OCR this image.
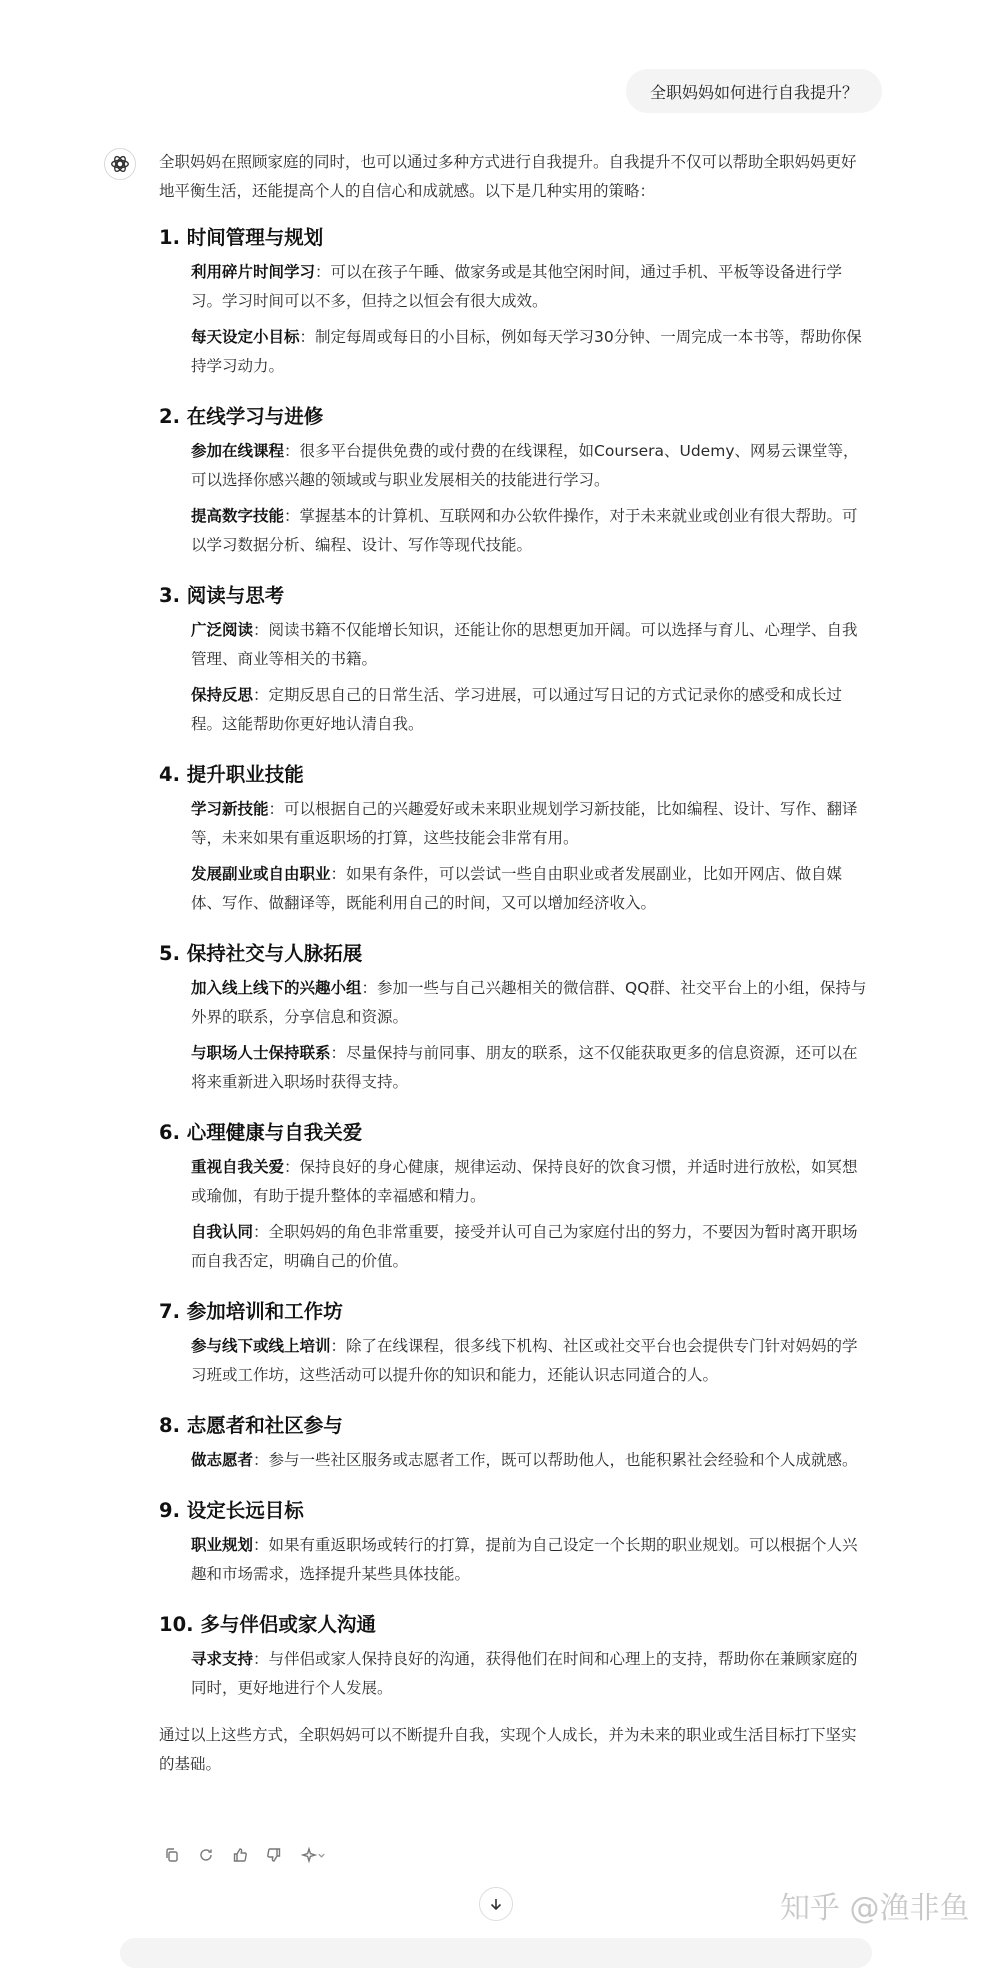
全职妈妈如何进行自我提升？

全职妈妈在照顾家庭的同时，也可以通过多种方式进行自我提升。自我提升不仅可以帮助全职妈妈更好地平衡生活，还能提高个人的自信心和成就感。以下是几种实用的策略：

1. 时间管理与规划
利用碎片时间学习：可以在孩子午睡、做家务或是其他空闲时间，通过手机、平板等设备进行学习。学习时间可以不多，但持之以恒会有很大成效。
每天设定小目标：制定每周或每日的小目标，例如每天学习30分钟、一周完成一本书等，帮助你保持学习动力。
2. 在线学习与进修
参加在线课程：很多平台提供免费的或付费的在线课程，如Coursera、Udemy、网易云课堂等，可以选择你感兴趣的领域或与职业发展相关的技能进行学习。
提高数字技能：掌握基本的计算机、互联网和办公软件操作，对于未来就业或创业有很大帮助。可以学习数据分析、编程、设计、写作等现代技能。
3. 阅读与思考
广泛阅读：阅读书籍不仅能增长知识，还能让你的思想更加开阔。可以选择与育儿、心理学、自我管理、商业等相关的书籍。
保持反思：定期反思自己的日常生活、学习进展，可以通过写日记的方式记录你的感受和成长过程。这能帮助你更好地认清自我。
4. 提升职业技能
学习新技能：可以根据自己的兴趣爱好或未来职业规划学习新技能，比如编程、设计、写作、翻译等，未来如果有重返职场的打算，这些技能会非常有用。
发展副业或自由职业：如果有条件，可以尝试一些自由职业或者发展副业，比如开网店、做自媒体、写作、做翻译等，既能利用自己的时间，又可以增加经济收入。
5. 保持社交与人脉拓展
加入线上线下的兴趣小组：参加一些与自己兴趣相关的微信群、QQ群、社交平台上的小组，保持与外界的联系，分享信息和资源。
与职场人士保持联系：尽量保持与前同事、朋友的联系，这不仅能获取更多的信息资源，还可以在将来重新进入职场时获得支持。
6. 心理健康与自我关爱
重视自我关爱：保持良好的身心健康，规律运动、保持良好的饮食习惯，并适时进行放松，如冥想或瑜伽，有助于提升整体的幸福感和精力。
自我认同：全职妈妈的角色非常重要，接受并认可自己为家庭付出的努力，不要因为暂时离开职场而自我否定，明确自己的价值。
7. 参加培训和工作坊
参与线下或线上培训：除了在线课程，很多线下机构、社区或社交平台也会提供专门针对妈妈的学习班或工作坊，这些活动可以提升你的知识和能力，还能认识志同道合的人。
8. 志愿者和社区参与
做志愿者：参与一些社区服务或志愿者工作，既可以帮助他人，也能积累社会经验和个人成就感。
9. 设定长远目标
职业规划：如果有重返职场或转行的打算，提前为自己设定一个长期的职业规划。可以根据个人兴趣和市场需求，选择提升某些具体技能。
10. 多与伴侣或家人沟通
寻求支持：与伴侣或家人保持良好的沟通，获得他们在时间和心理上的支持，帮助你在兼顾家庭的同时，更好地进行个人发展。

通过以上这些方式，全职妈妈可以不断提升自我，实现个人成长，并为未来的职业或生活目标打下坚实的基础。

知乎 @渔非鱼
